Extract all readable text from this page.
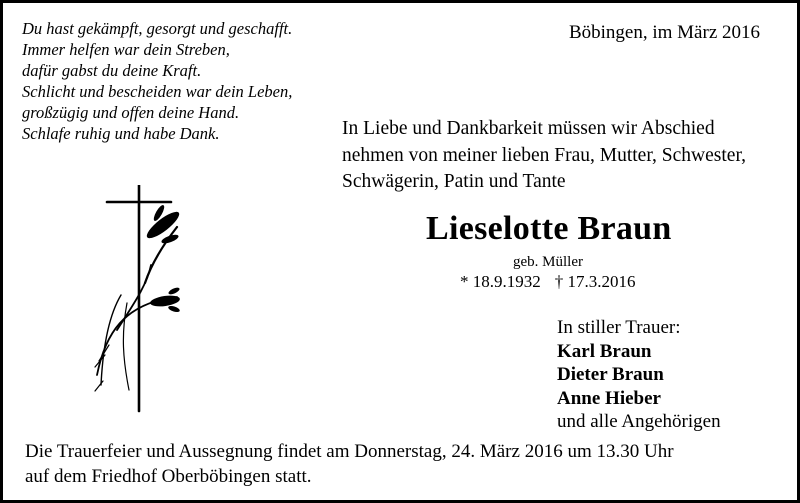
Du hast gekämpft, gesorgt und geschafft.
Immer helfen war dein Streben,
dafür gabst du deine Kraft.
Schlicht und bescheiden war dein Leben,
großzügig und offen deine Hand.
Schlafe ruhig und habe Dank.
Böbingen, im März 2016
In Liebe und Dankbarkeit müssen wir Abschied
nehmen von meiner lieben Frau, Mutter, Schwester,
Schwägerin, Patin und Tante
Lieselotte Braun
geb. Müller
* 18.9.1932 † 17.3.2016
In stiller Trauer:
Karl Braun
Dieter Braun
Anne Hieber
und alle Angehörigen
Die Trauerfeier und Aussegnung findet am Donnerstag, 24. März 2016 um 13.30 Uhr
auf dem Friedhof Oberböbingen statt.
